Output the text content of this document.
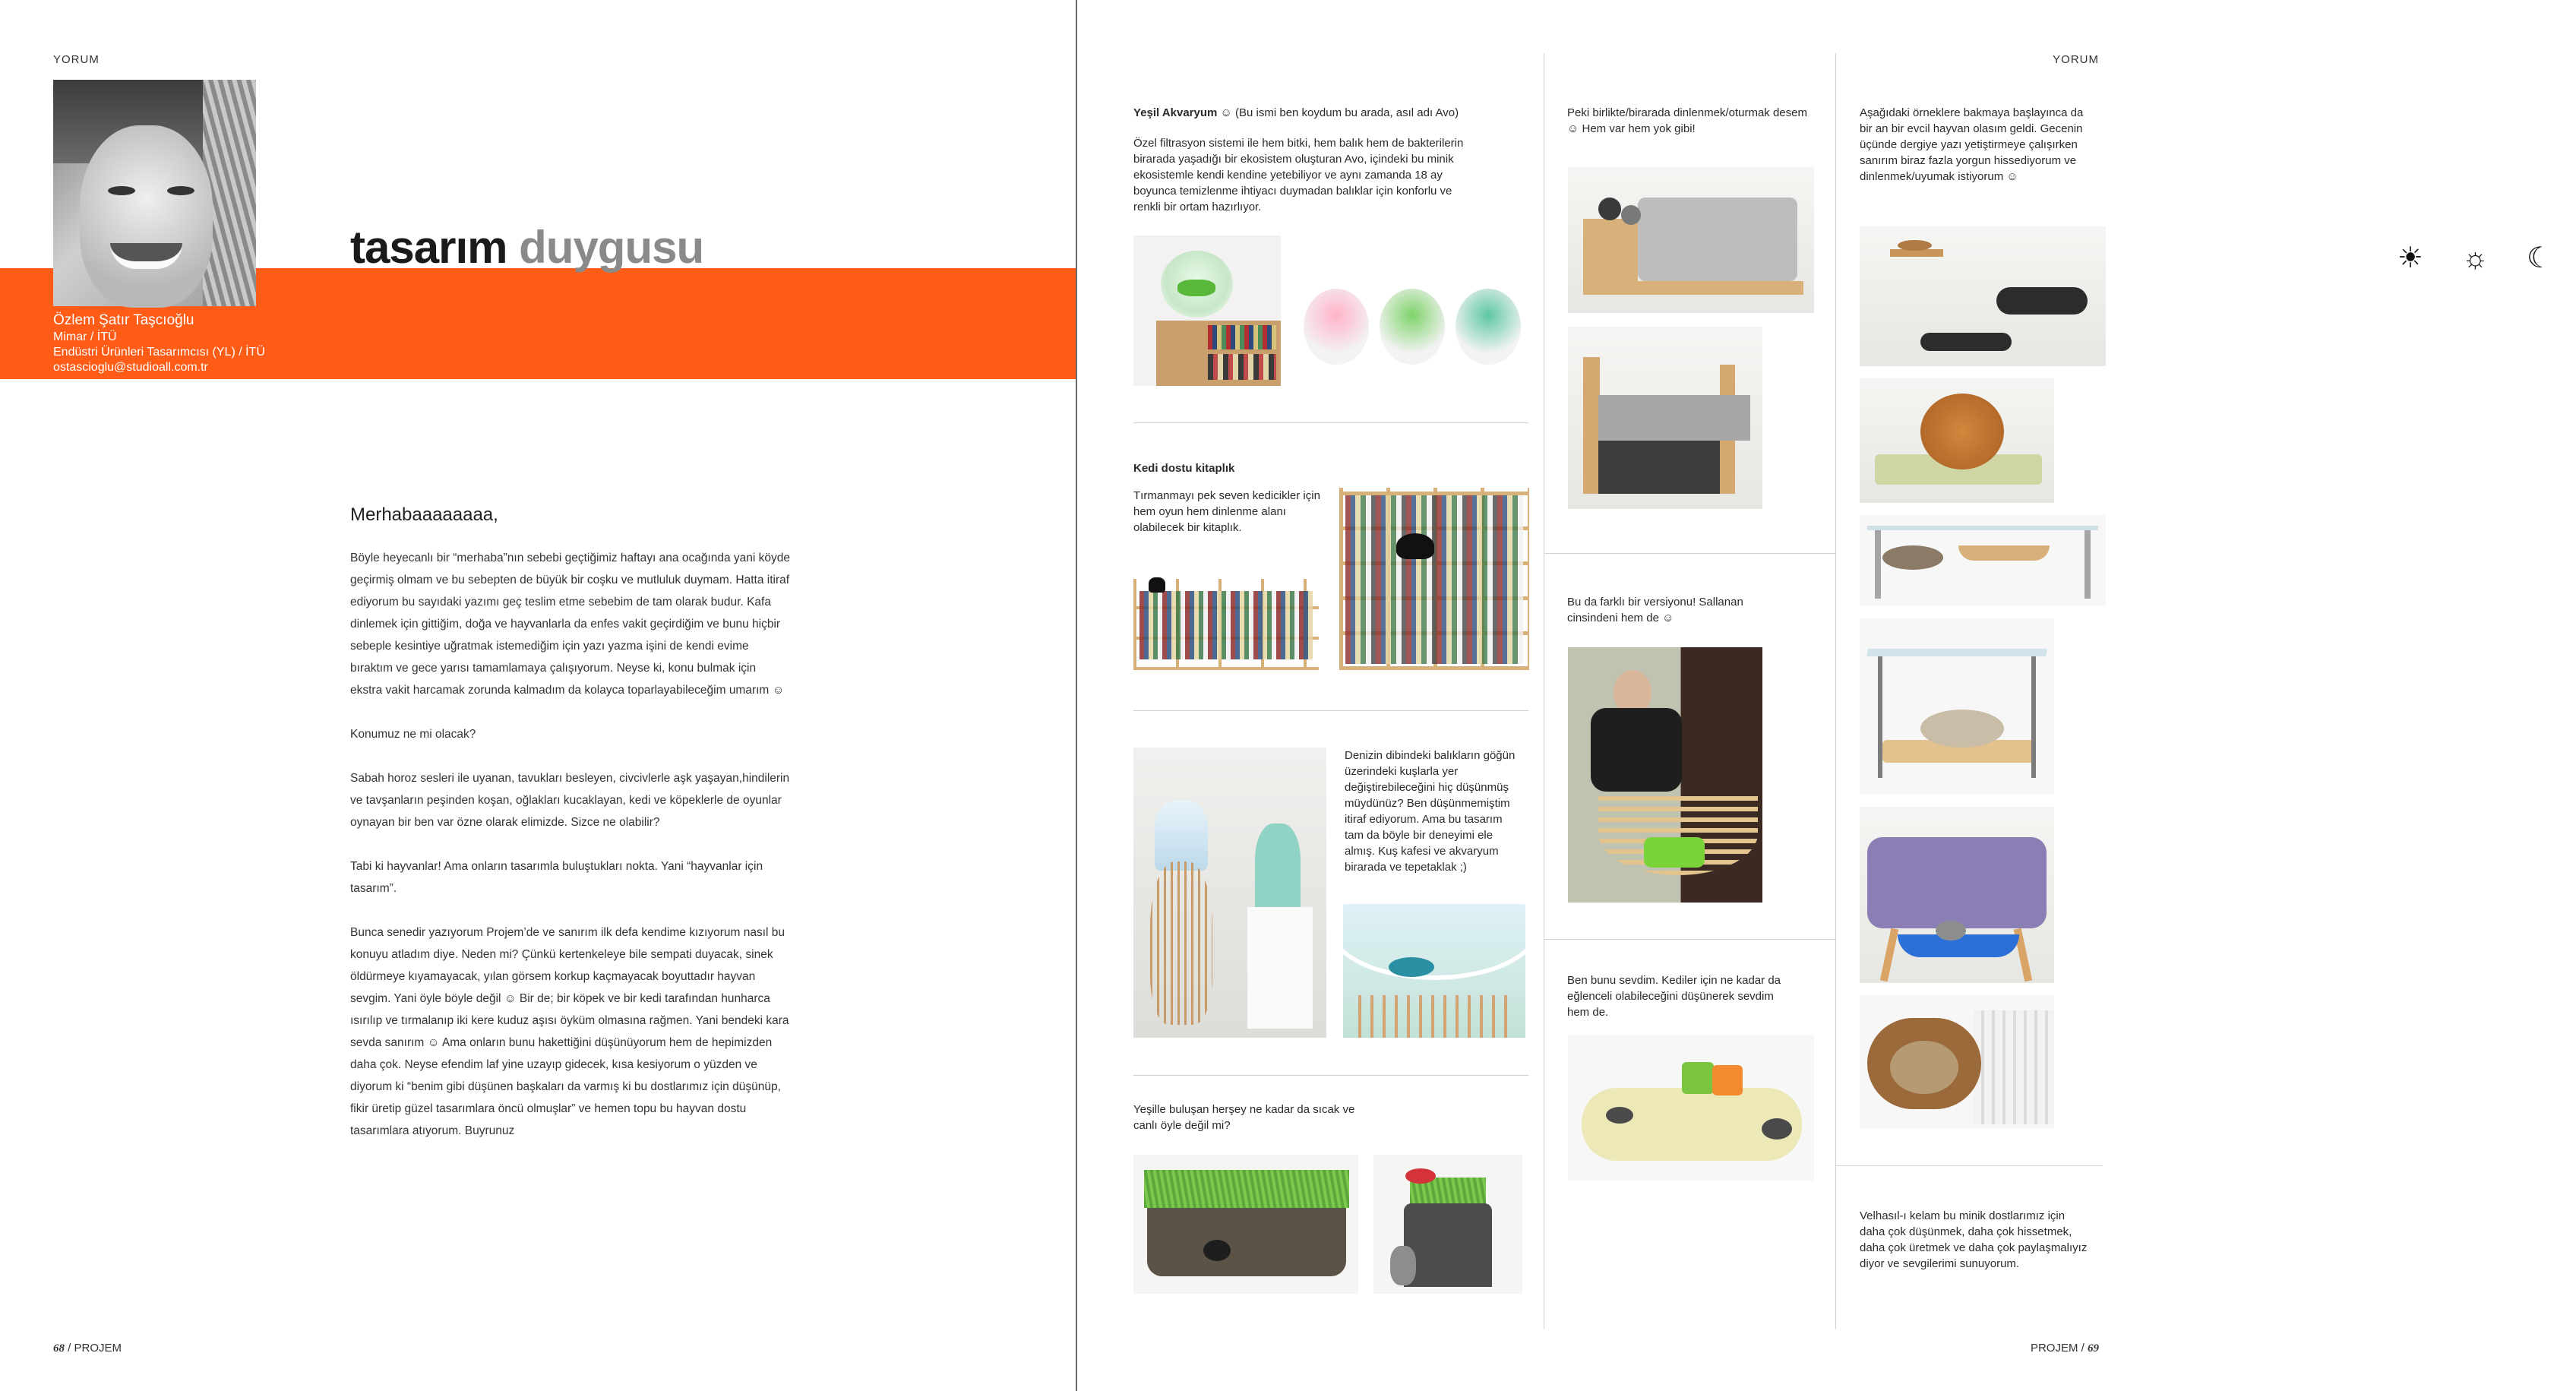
YORUM
tasarım duygusu
Özlem Şatır Taşcıoğlu
Mimar / İTÜ
Endüstri Ürünleri Tasarımcısı (YL) / İTÜ
ostascioglu@studioall.com.tr
Merhabaaaaaaaa,

Böyle heyecanlı bir “merhaba”nın sebebi geçtiğimiz haftayı ana ocağında yani köyde geçirmiş olmam ve bu sebepten de büyük bir coşku ve mutluluk duymam. Hatta itiraf ediyorum bu sayıdaki yazımı geç teslim etme sebebim de tam olarak budur. Kafa dinlemek için gittiğim, doğa ve hayvanlarla da enfes vakit geçirdiğim ve bunu hiçbir sebeple kesintiye uğratmak istemediğim için yazı yazma işini de kendi evime bıraktım ve gece yarısı tamamlamaya çalışıyorum. Neyse ki, konu bulmak için ekstra vakit harcamak zorunda kalmadım da kolayca toparlayabileceğim umarım ☺

Konumuz ne mi olacak?

Sabah horoz sesleri ile uyanan, tavukları besleyen, civcivlerle aşk yaşayan,hindilerin ve tavşanların peşinden koşan, oğlakları kucaklayan, kedi ve köpeklerle de oyunlar oynayan bir ben var özne olarak elimizde. Sizce ne olabilir?

Tabi ki hayvanlar! Ama onların tasarımla buluştukları nokta. Yani “hayvanlar için tasarım”.

Bunca senedir yazıyorum Projem’de ve sanırım ilk defa kendime kızıyorum nasıl bu konuyu atladım diye. Neden mi? Çünkü kertenkeleye bile sempati duyacak, sinek öldürmeye kıyamayacak, yılan görsem korkup kaçmayacak boyuttadır hayvan sevgim. Yani öyle böyle değil ☺ Bir de; bir köpek ve bir kedi tarafından hunharca ısırılıp ve tırmalanıp iki kere kuduz aşısı öyküm olmasına rağmen. Yani bendeki kara sevda sanırım ☺ Ama onların bunu hakettiğini düşünüyorum hem de hepimizden daha çok. Neyse efendim laf yine uzayıp gidecek, kısa kesiyorum o yüzden ve diyorum ki “benim gibi düşünen başkaları da varmış ki bu dostlarımız için düşünüp, fikir üretip güzel tasarımlara öncü olmuşlar” ve hemen topu bu hayvan dostu tasarımlara atıyorum. Buyrunuz

68 / PROJEM
YORUM
Yeşil Akvaryum ☺ (Bu ismi ben koydum bu arada, asıl adı Avo)
Özel filtrasyon sistemi ile hem bitki, hem balık hem de bakterilerin birarada yaşadığı bir ekosistem oluşturan Avo, içindeki bu minik ekosistemle kendi kendine yetebiliyor ve aynı zamanda 18 ay boyunca temizlenme ihtiyacı duymadan balıklar için konforlu ve renkli bir ortam hazırlıyor.
☀ ☼ ☾
Kedi dostu kitaplık
Tırmanmayı pek seven kedicikler için hem oyun hem dinlenme alanı olabilecek bir kitaplık.
Denizin dibindeki balıkların göğün üzerindeki kuşlarla yer değiştirebileceğini hiç düşünmüş müydünüz? Ben düşünmemiştim itiraf ediyorum. Ama bu tasarım tam da böyle bir deneyimi ele almış. Kuş kafesi ve akvaryum birarada ve tepetaklak ;)
Yeşille buluşan herşey ne kadar da sıcak ve canlı öyle değil mi?
Peki birlikte/birarada dinlenmek/oturmak desem ☺ Hem var hem yok gibi!
Bu da farklı bir versiyonu! Sallanan cinsindeni hem de ☺
Ben bunu sevdim. Kediler için ne kadar da eğlenceli olabileceğini düşünerek sevdim hem de.
Aşağıdaki örneklere bakmaya başlayınca da bir an bir evcil hayvan olasım geldi. Gecenin üçünde dergiye yazı yetiştirmeye çalışırken sanırım biraz fazla yorgun hissediyorum ve dinlenmek/uyumak istiyorum ☺
Velhasıl-ı kelam bu minik dostlarımız için daha çok düşünmek, daha çok hissetmek, daha çok üretmek ve daha çok paylaşmalıyız diyor ve sevgilerimi sunuyorum.
PROJEM / 69
